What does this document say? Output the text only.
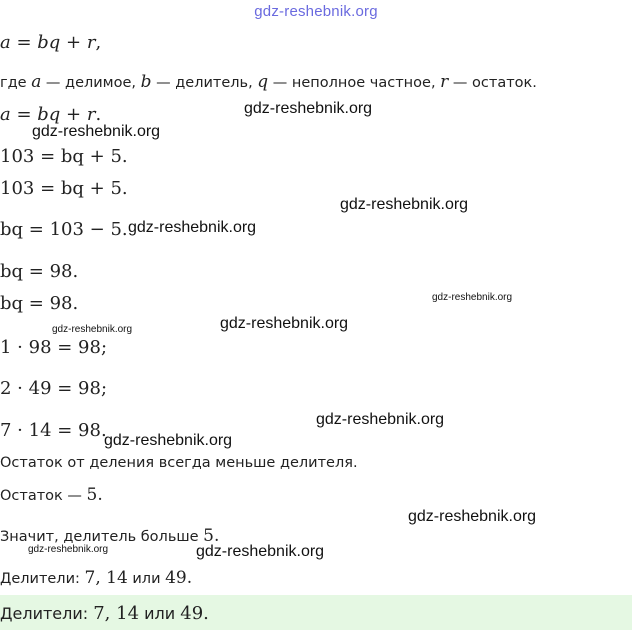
gdz-reshebnik.org
a = bq + r,
где a — делимое, b — делитель, q — неполное частное, r — остаток.
a = bq + r.
103 = bq + 5.
103 = bq + 5.
bq = 103 − 5.
bq = 98.
bq = 98.
1 · 98 = 98;
2 · 49 = 98;
7 · 14 = 98.
Остаток от деления всегда меньше делителя.
Остаток — 5.
Значит, делитель больше 5.
Делители: 7, 14 или 49.
Делители: 7, 14 или 49.
gdz-reshebnik.org
gdz-reshebnik.org
gdz-reshebnik.org
gdz-reshebnik.org
gdz-reshebnik.org
gdz-reshebnik.org	gdz-reshebnik.org
gdz-reshebnik.org
gdz-reshebnik.org
gdz-reshebnik.org
gdz-reshebnik.org	gdz-reshebnik.org
